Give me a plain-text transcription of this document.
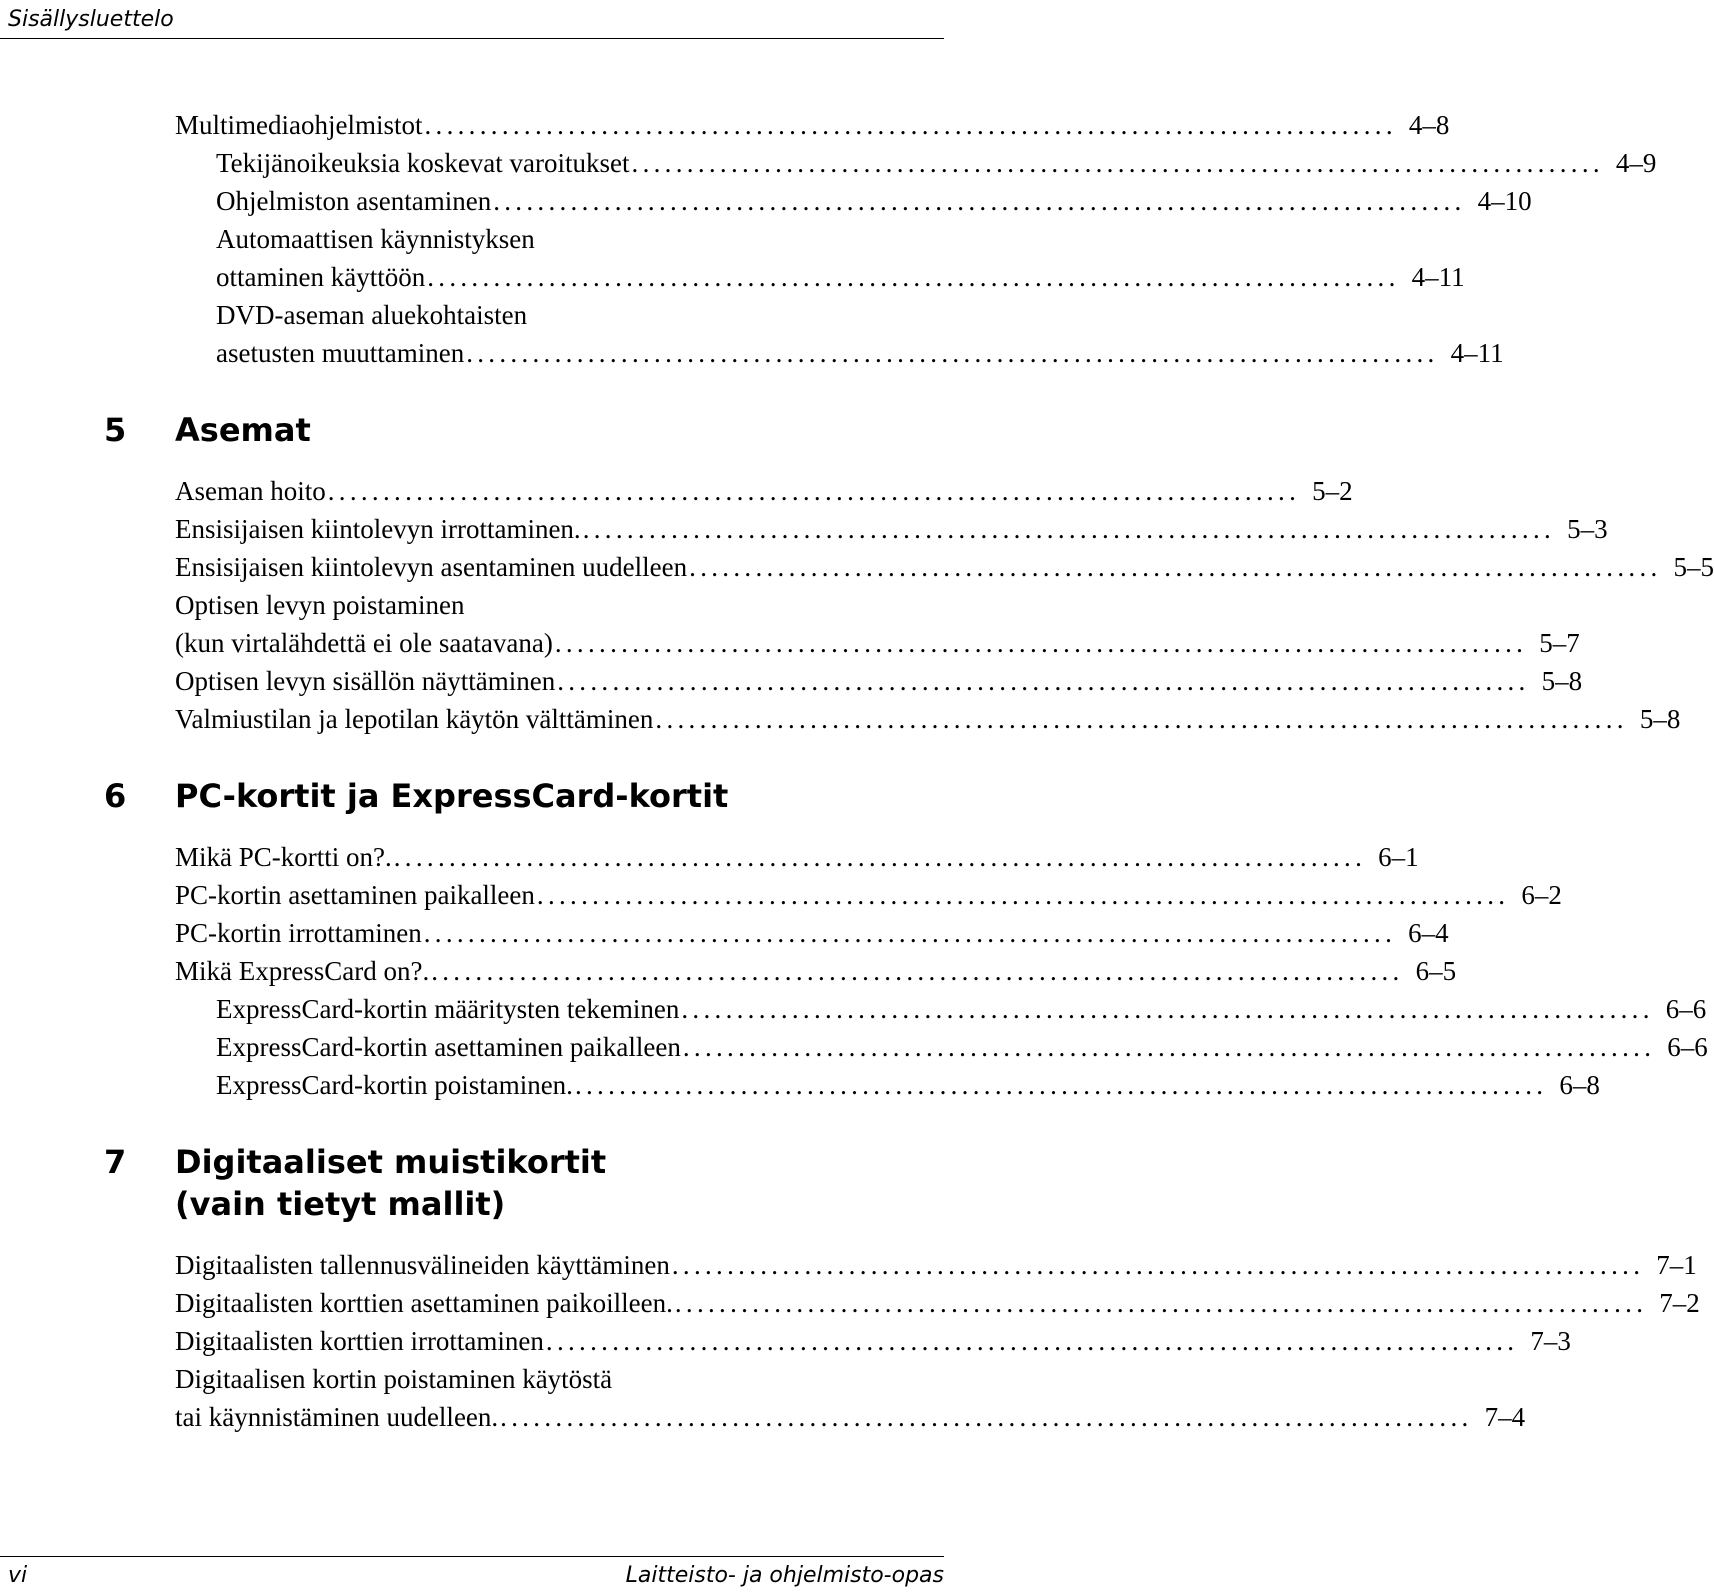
Sisällysluettelo
Multimediaohjelmistot ........................................................................................ 4–8
Tekijänoikeuksia koskevat varoitukset ........................................................................................ 4–9
Ohjelmiston asentaminen ........................................................................................ 4–10
Automaattisen käynnistyksen
ottaminen käyttöön ........................................................................................ 4–11
DVD-aseman aluekohtaisten
asetusten muuttaminen ........................................................................................ 4–11
5 Asemat
Aseman hoito ........................................................................................ 5–2
Ensisijaisen kiintolevyn irrottaminen. ........................................................................................ 5–3
Ensisijaisen kiintolevyn asentaminen uudelleen ........................................................................................ 5–5
Optisen levyn poistaminen
(kun virtalähdettä ei ole saatavana) ........................................................................................ 5–7
Optisen levyn sisällön näyttäminen ........................................................................................ 5–8
Valmiustilan ja lepotilan käytön välttäminen ........................................................................................ 5–8
6 PC-kortit ja ExpressCard-kortit
Mikä PC-kortti on?. ........................................................................................ 6–1
PC-kortin asettaminen paikalleen ........................................................................................ 6–2
PC-kortin irrottaminen ........................................................................................ 6–4
Mikä ExpressCard on?. ........................................................................................ 6–5
ExpressCard-kortin määritysten tekeminen ........................................................................................ 6–6
ExpressCard-kortin asettaminen paikalleen ........................................................................................ 6–6
ExpressCard-kortin poistaminen. ........................................................................................ 6–8
7 Digitaaliset muistikortit
(vain tietyt mallit)
Digitaalisten tallennusvälineiden käyttäminen ........................................................................................ 7–1
Digitaalisten korttien asettaminen paikoilleen. ........................................................................................ 7–2
Digitaalisten korttien irrottaminen ........................................................................................ 7–3
Digitaalisen kortin poistaminen käytöstä
tai käynnistäminen uudelleen. ........................................................................................ 7–4
vi	Laitteisto- ja ohjelmisto-opas
